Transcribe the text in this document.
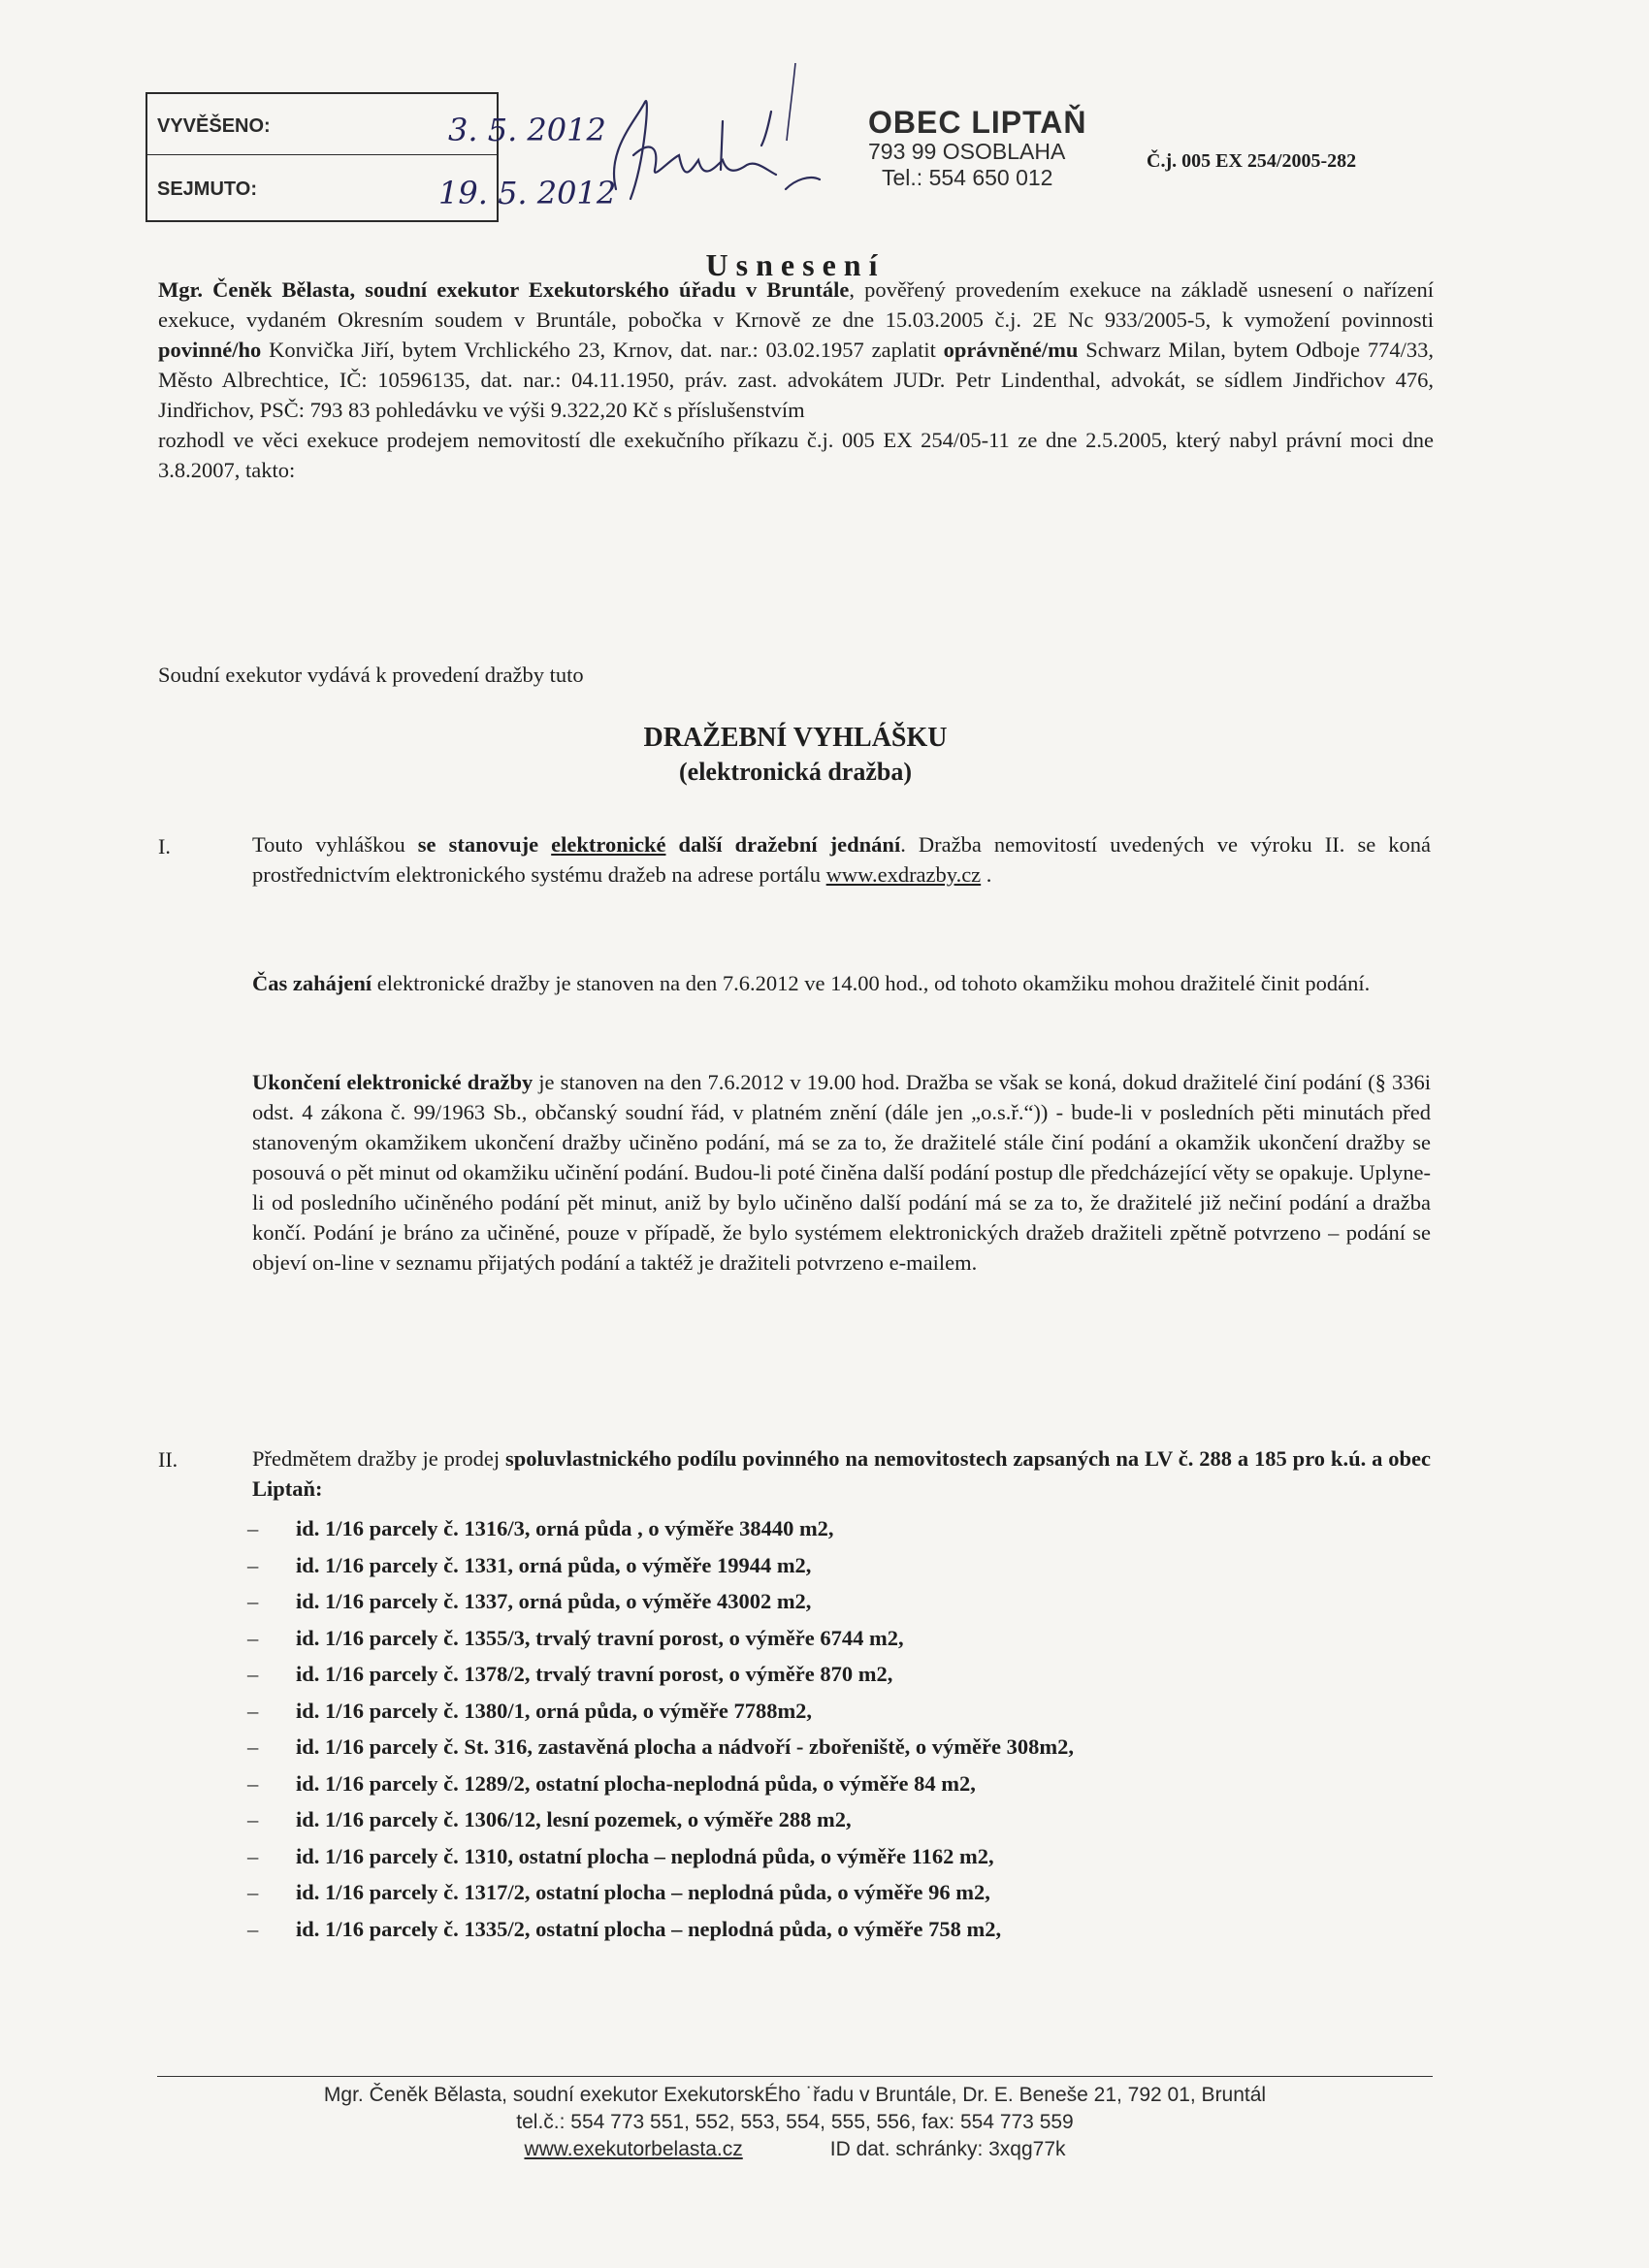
VYVĚŠENO:	3. 5. 2012
SEJMUTO:	19. 5. 2012
OBEC LIPTAŇ
793 99 OSOBLAHA
Tel.: 554 650 012
Č.j. 005 EX 254/2005-282
Usnesení
Mgr. Čeněk Bělasta, soudní exekutor Exekutorského úřadu v Bruntále, pověřený provedením exekuce na základě usnesení o nařízení exekuce, vydaném Okresním soudem v Bruntále, pobočka v Krnově ze dne 15.03.2005 č.j. 2E Nc 933/2005-5, k vymožení povinnosti povinné/ho Konvička Jiří, bytem Vrchlického 23, Krnov, dat. nar.: 03.02.1957 zaplatit oprávněné/mu Schwarz Milan, bytem Odboje 774/33, Město Albrechtice, IČ: 10596135, dat. nar.: 04.11.1950, práv. zast. advokátem JUDr. Petr Lindenthal, advokát, se sídlem Jindřichov 476, Jindřichov, PSČ: 793 83 pohledávku ve výši 9.322,20 Kč s příslušenstvím
rozhodl ve věci exekuce prodejem nemovitostí dle exekučního příkazu č.j. 005 EX 254/05-11 ze dne 2.5.2005, který nabyl právní moci dne 3.8.2007, takto:
Soudní exekutor vydává k provedení dražby tuto
DRAŽEBNÍ VYHLÁŠKU
(elektronická dražba)
I.	Touto vyhláškou se stanovuje elektronické další dražební jednání. Dražba nemovitostí uvedených ve výroku II. se koná prostřednictvím elektronického systému dražeb na adrese portálu www.exdrazby.cz .
Čas zahájení elektronické dražby je stanoven na den 7.6.2012 ve 14.00 hod., od tohoto okamžiku mohou dražitelé činit podání.
Ukončení elektronické dražby je stanoven na den 7.6.2012 v 19.00 hod. Dražba se však se koná, dokud dražitelé činí podání (§ 336i odst. 4 zákona č. 99/1963 Sb., občanský soudní řád, v platném znění (dále jen „o.s.ř.“)) - bude-li v posledních pěti minutách před stanoveným okamžikem ukončení dražby učiněno podání, má se za to, že dražitelé stále činí podání a okamžik ukončení dražby se posouvá o pět minut od okamžiku učinění podání. Budou-li poté činěna další podání postup dle předcházející věty se opakuje. Uplyne-li od posledního učiněného podání pět minut, aniž by bylo učiněno další podání má se za to, že dražitelé již nečiní podání a dražba končí. Podání je bráno za učiněné, pouze v případě, že bylo systémem elektronických dražeb dražiteli zpětně potvrzeno – podání se objeví on-line v seznamu přijatých podání a taktéž je dražiteli potvrzeno e-mailem.
II.	Předmětem dražby je prodej spoluvlastnického podílu povinného na nemovitostech zapsaných na LV č. 288 a 185 pro k.ú. a obec Liptaň:
– id. 1/16 parcely č. 1316/3, orná půda , o výměře 38440 m2,
– id. 1/16 parcely č. 1331, orná půda, o výměře 19944 m2,
– id. 1/16 parcely č. 1337, orná půda, o výměře 43002 m2,
– id. 1/16 parcely č. 1355/3, trvalý travní porost, o výměře 6744 m2,
– id. 1/16 parcely č. 1378/2, trvalý travní porost, o výměře 870 m2,
– id. 1/16 parcely č. 1380/1, orná půda, o výměře 7788m2,
– id. 1/16 parcely č. St. 316, zastavěná plocha a nádvoří - zbořeniště, o výměře 308m2,
– id. 1/16 parcely č. 1289/2, ostatní plocha-neplodná půda, o výměře 84 m2,
– id. 1/16 parcely č. 1306/12, lesní pozemek, o výměře 288 m2,
– id. 1/16 parcely č. 1310, ostatní plocha – neplodná půda, o výměře 1162 m2,
– id. 1/16 parcely č. 1317/2, ostatní plocha – neplodná půda, o výměře 96 m2,
– id. 1/16 parcely č. 1335/2, ostatní plocha – neplodná půda, o výměře 758 m2,
Mgr. Čeněk Bělasta, soudní exekutor ExekutorskÉho ˙řadu v Bruntále, Dr. E. Beneše 21, 792 01, Bruntál
tel.č.: 554 773 551, 552, 553, 554, 555, 556, fax: 554 773 559
www.exekutorbelasta.cz	ID dat. schránky: 3xqg77k
